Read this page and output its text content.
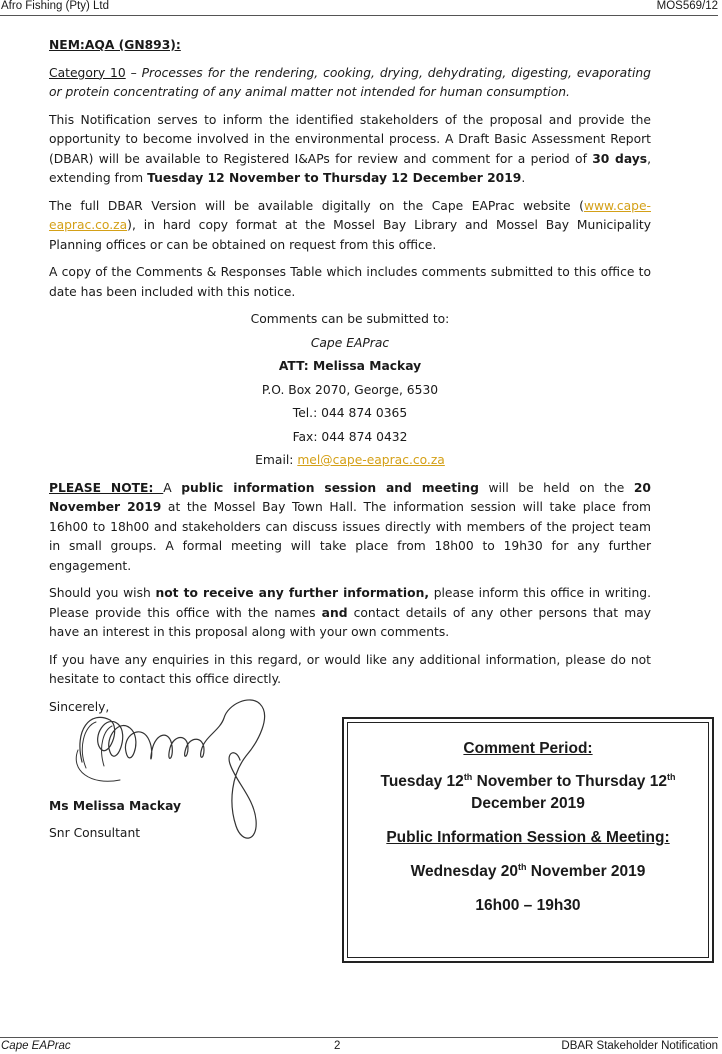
Afro Fishing (Pty) Ltd	MOS569/12

NEM:AQA (GN893):

Category 10 – Processes for the rendering, cooking, drying, dehydrating, digesting, evaporating or protein concentrating of any animal matter not intended for human consumption.

This Notification serves to inform the identified stakeholders of the proposal and provide the opportunity to become involved in the environmental process. A Draft Basic Assessment Report (DBAR) will be available to Registered I&APs for review and comment for a period of 30 days, extending from Tuesday 12 November to Thursday 12 December 2019.

The full DBAR Version will be available digitally on the Cape EAPrac website (www.cape-eaprac.co.za), in hard copy format at the Mossel Bay Library and Mossel Bay Municipality Planning offices or can be obtained on request from this office.

A copy of the Comments & Responses Table which includes comments submitted to this office to date has been included with this notice.

Comments can be submitted to:

Cape EAPrac

ATT: Melissa Mackay

P.O. Box 2070, George, 6530

Tel.: 044 874 0365

Fax: 044 874 0432

Email: mel@cape-eaprac.co.za

PLEASE NOTE: A public information session and meeting will be held on the 20 November 2019 at the Mossel Bay Town Hall. The information session will take place from 16h00 to 18h00 and stakeholders can discuss issues directly with members of the project team in small groups. A formal meeting will take place from 18h00 to 19h30 for any further engagement.

Should you wish not to receive any further information, please inform this office in writing. Please provide this office with the names and contact details of any other persons that may have an interest in this proposal along with your own comments.

If you have any enquiries in this regard, or would like any additional information, please do not hesitate to contact this office directly.

Sincerely,

Ms Melissa Mackay
Snr Consultant
Comment Period:
Tuesday 12th November to Thursday 12th
December 2019
Public Information Session & Meeting:
Wednesday 20th November 2019
16h00 – 19h30
Cape EAPrac	2	DBAR Stakeholder Notification
